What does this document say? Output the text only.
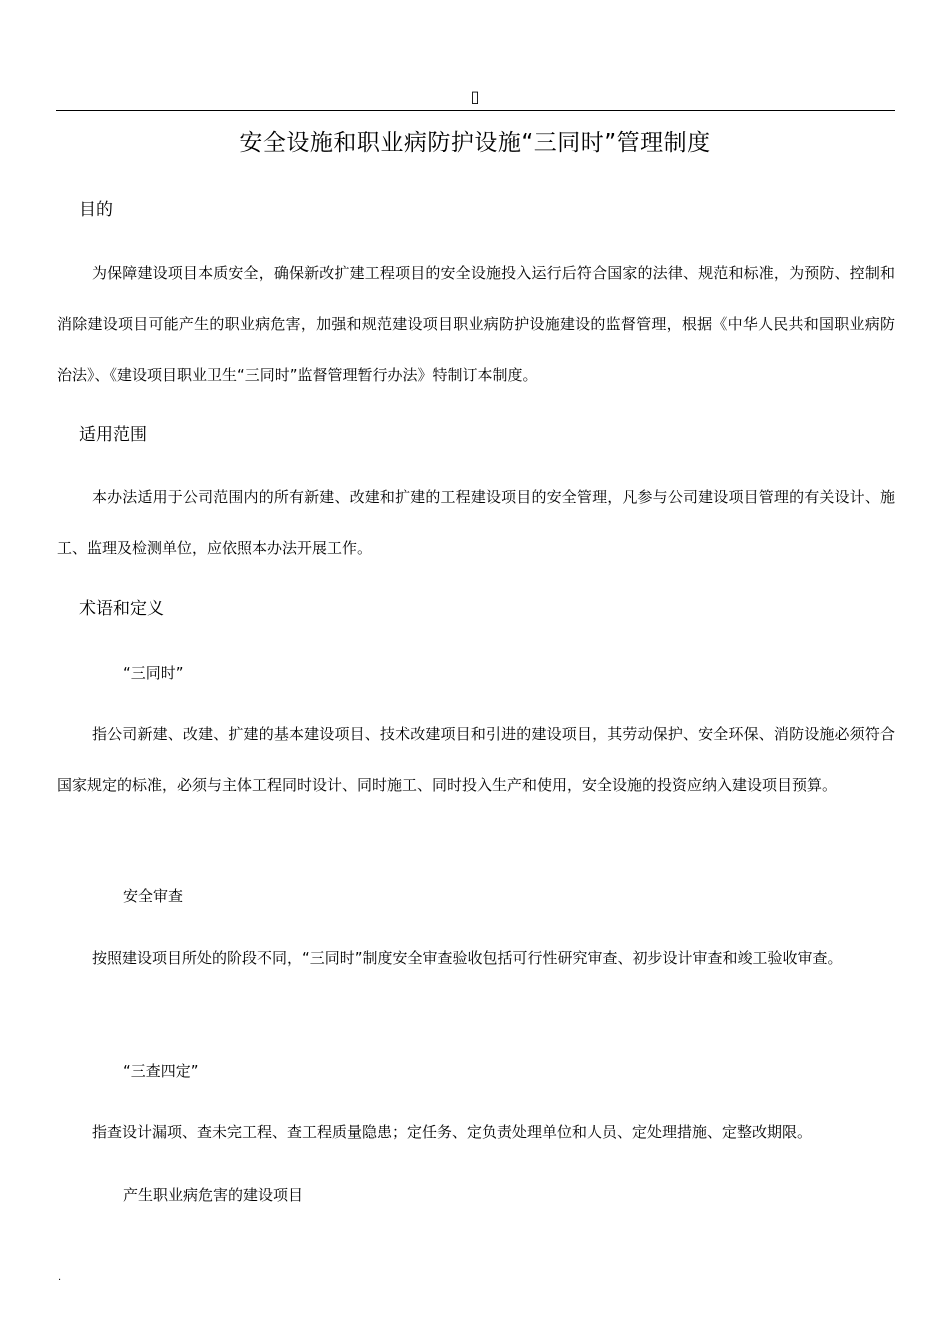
▯
安全设施和职业病防护设施“三同时”管理制度
目的

为保障建设项目本质安全，确保新改扩建工程项目的安全设施投入运行后符合国家的法律、规范和标准，为预防、控制和消除建设项目可能产生的职业病危害，加强和规范建设项目职业病防护设施建设的监督管理，根据《中华人民共和国职业病防治法》、《建设项目职业卫生“三同时”监督管理暂行办法》特制订本制度。

适用范围

本办法适用于公司范围内的所有新建、改建和扩建的工程建设项目的安全管理，凡参与公司建设项目管理的有关设计、施工、监理及检测单位，应依照本办法开展工作。

术语和定义
“三同时”

指公司新建、改建、扩建的基本建设项目、技术改建项目和引进的建设项目，其劳动保护、安全环保、消防设施必须符合国家规定的标准，必须与主体工程同时设计、同时施工、同时投入生产和使用，安全设施的投资应纳入建设项目预算。

安全审查

按照建设项目所处的阶段不同，“三同时”制度安全审查验收包括可行性研究审查、初步设计审查和竣工验收审查。

“三查四定”

指查设计漏项、查未完工程、查工程质量隐患；定任务、定负责处理单位和人员、定处理措施、定整改期限。

产生职业病危害的建设项目
.
